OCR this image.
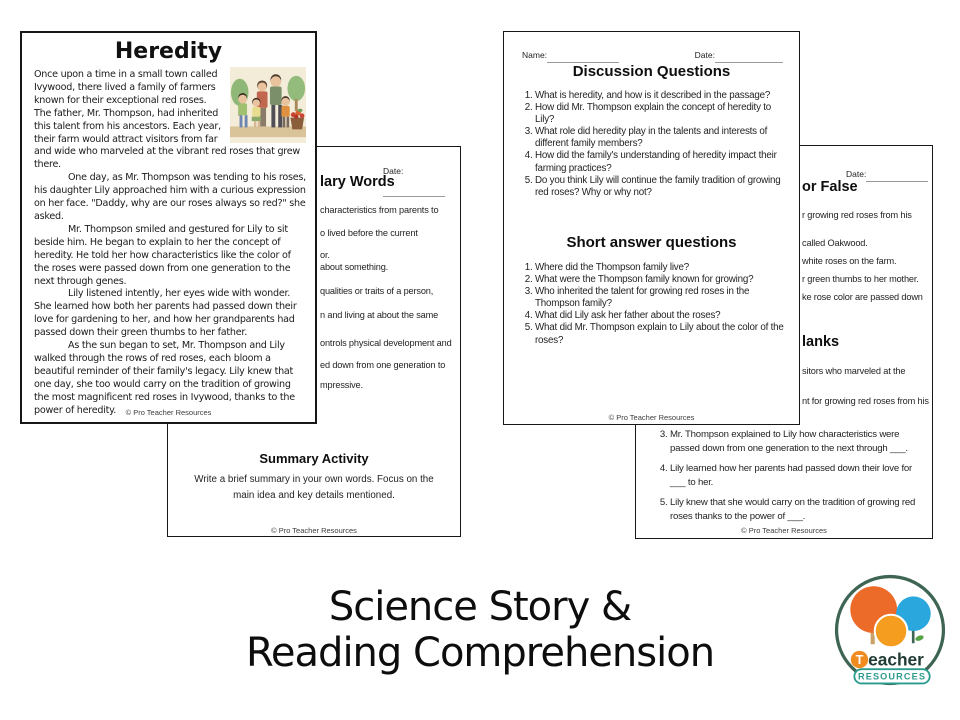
Heredity

Once upon a time in a small town called Ivywood, there lived a family of farmers known for their exceptional red roses. The father, Mr. Thompson, had inherited this talent from his ancestors. Each year, their farm would attract visitors from far and wide who marveled at the vibrant red roses that grew there.

One day, as Mr. Thompson was tending to his roses, his daughter Lily approached him with a curious expression on her face. "Daddy, why are our roses always so red?" she asked.

Mr. Thompson smiled and gestured for Lily to sit beside him. He began to explain to her the concept of heredity. He told her how characteristics like the color of the roses were passed down from one generation to the next through genes.

Lily listened intently, her eyes wide with wonder. She learned how both her parents had passed down their love for gardening to her, and how her grandparents had passed down their green thumbs to her father.

As the sun began to set, Mr. Thompson and Lily walked through the rows of red roses, each bloom a beautiful reminder of their family's legacy. Lily knew that one day, she too would carry on the tradition of growing the most magnificent red roses in Ivywood, thanks to the power of heredity.	© Pro Teacher Resources
Date:
lary Words
characteristics from parents to
o lived before the current
or.
about something.
qualities or traits of a person,
n and living at about the same
ontrols physical development and
ed down from one generation to
mpressive.
Summary Activity
Write a brief summary in your own words. Focus on the
main idea and key details mentioned.
© Pro Teacher Resources
Name:	Date:
Discussion Questions
1. What is heredity, and how is it described in the passage?
2. How did Mr. Thompson explain the concept of heredity to Lily?
3. What role did heredity play in the talents and interests of different family members?
4. How did the family's understanding of heredity impact their farming practices?
5. Do you think Lily will continue the family tradition of growing red roses? Why or why not?
Short answer questions
1. Where did the Thompson family live?
2. What were the Thompson family known for growing?
3. Who inherited the talent for growing red roses in the Thompson family?
4. What did Lily ask her father about the roses?
5. What did Mr. Thompson explain to Lily about the color of the roses?
© Pro Teacher Resources
Date:
or False
r growing red roses from his
called Oakwood.
white roses on the farm.
r green thumbs to her mother.
ke rose color are passed down
lanks
sitors who marveled at the
nt for growing red roses from his
3. Mr. Thompson explained to Lily how characteristics were passed down from one generation to the next through ___.
4. Lily learned how her parents had passed down their love for ___ to her.
5. Lily knew that she would carry on the tradition of growing red roses thanks to the power of ___.
© Pro Teacher Resources
Science Story &
Reading Comprehension	T eacher
RESOURCES
